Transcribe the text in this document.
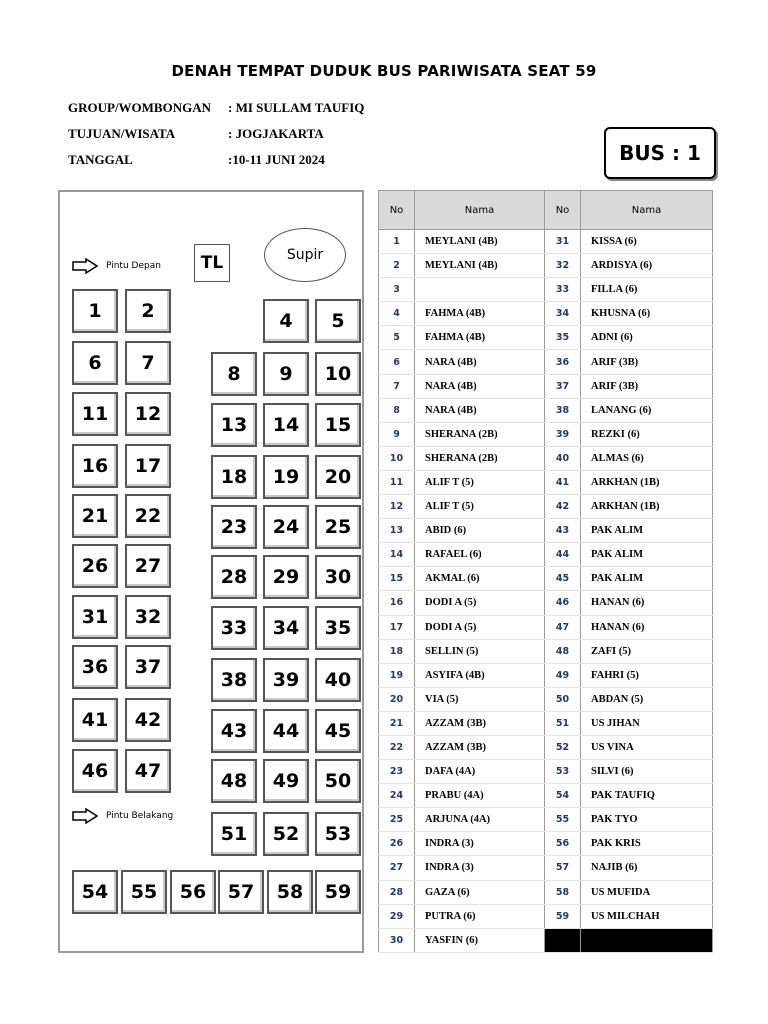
DENAH TEMPAT DUDUK BUS PARIWISATA SEAT 59
GROUP/WOMBONGAN : MI SULLAM TAUFIQ
TUJUAN/WISATA	: JOGJAKARTA
TANGGAL	:10-11 JUNI 2024	BUS : 1
Pintu Depan	TL	Supir
Pintu Belakang
1	2	4	5
6	7	8	9	10
11	12	13	14	15
16	17	18	19	20
21	22	23	24	25
26	27	28	29	30
31	32	33	34	35
36	37
38	39	40
41	42	43	44	45
46	47	48	49	50
51	52	53
54	55	56	57	58	59
No	Nama	No	Nama
1	MEYLANI (4B)	31	KISSA (6)
2	MEYLANI (4B)	32	ARDISYA (6)
3		33	FILLA (6)
4	FAHMA (4B)	34	KHUSNA (6)
5	FAHMA (4B)	35	ADNI (6)
6	NARA (4B)	36	ARIF (3B)
7	NARA (4B)	37	ARIF (3B)
8	NARA (4B)	38	LANANG (6)
9	SHERANA (2B)	39	REZKI (6)
10	SHERANA (2B)	40	ALMAS (6)
11	ALIF T (5)	41	ARKHAN (1B)
12	ALIF T (5)	42	ARKHAN (1B)
13	ABID (6)	43	PAK ALIM
14	RAFAEL (6)	44	PAK ALIM
15	AKMAL (6)	45	PAK ALIM
16	DODI A (5)	46	HANAN (6)
17	DODI A (5)	47	HANAN (6)
18	SELLIN (5)	48	ZAFI (5)
19	ASYIFA (4B)	49	FAHRI (5)
20	VIA (5)	50	ABDAN (5)
21	AZZAM (3B)	51	US JIHAN
22	AZZAM (3B)	52	US VINA
23	DAFA (4A)	53	SILVI (6)
24	PRABU (4A)	54	PAK TAUFIQ
25	ARJUNA (4A)	55	PAK TYO
26	INDRA (3)	56	PAK KRIS
27	INDRA (3)	57	NAJIB (6)
28	GAZA (6)	58	US MUFIDA
29	PUTRA (6)	59	US MILCHAH
30	YASFIN (6)		
